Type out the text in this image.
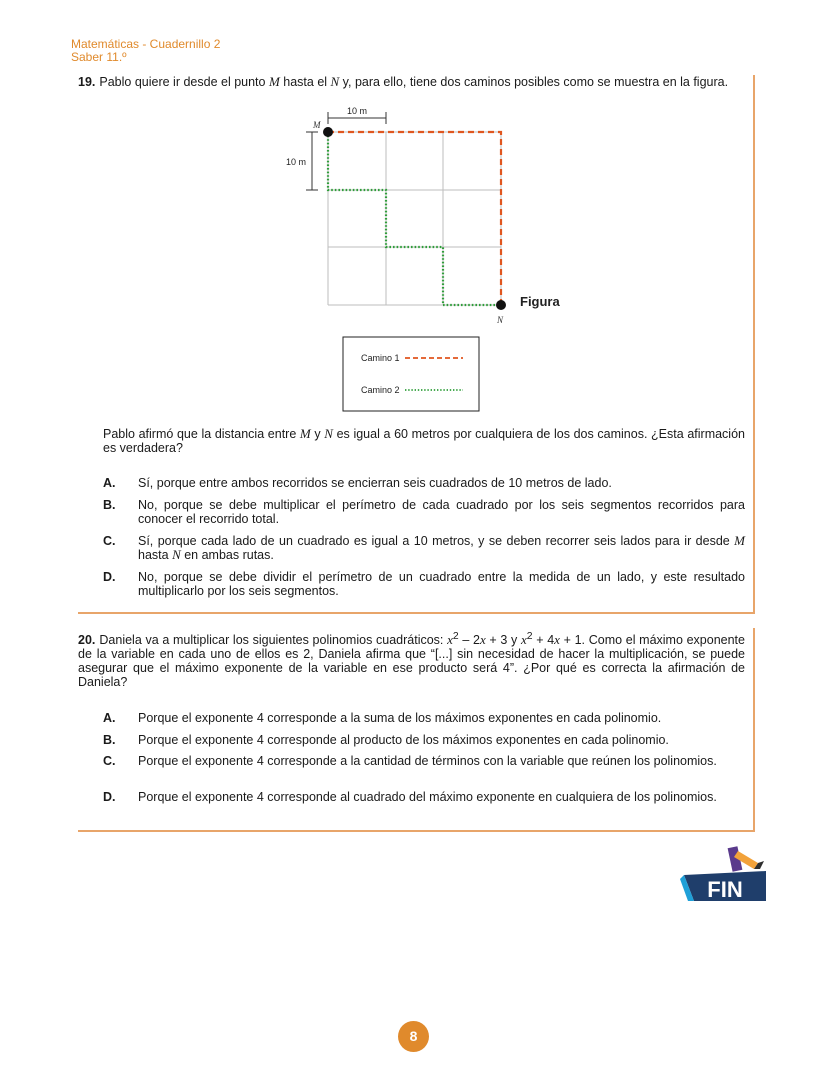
Matemáticas - Cuadernillo 2
Saber 11.º
19. Pablo quiere ir desde el punto M hasta el N y, para ello, tiene dos caminos posibles como se muestra en la figura.
10 m
10 m
M
N
Figura
Camino 1
Camino 2
Pablo afirmó que la distancia entre M y N es igual a 60 metros por cualquiera de los dos caminos. ¿Esta afirmación es verdadera?
A. Sí, porque entre ambos recorridos se encierran seis cuadrados de 10 metros de lado.
B. No, porque se debe multiplicar el perímetro de cada cuadrado por los seis segmentos recorridos para conocer el recorrido total.
C. Sí, porque cada lado de un cuadrado es igual a 10 metros, y se deben recorrer seis lados para ir desde M hasta N en ambas rutas.
D. No, porque se debe dividir el perímetro de un cuadrado entre la medida de un lado, y este resultado multiplicarlo por los seis segmentos.
20. Daniela va a multiplicar los siguientes polinomios cuadráticos: $x^2 - 2x + 3$ y $x^2 + 4x + 1$. Como el máximo exponente de la variable en cada uno de ellos es 2, Daniela afirma que “[...] sin necesidad de hacer la multiplicación, se puede asegurar que el máximo exponente de la variable en ese producto será 4”. ¿Por qué es correcta la afirmación de Daniela?
A. Porque el exponente 4 corresponde a la suma de los máximos exponentes en cada polinomio.
B. Porque el exponente 4 corresponde al producto de los máximos exponentes en cada polinomio.
C. Porque el exponente 4 corresponde a la cantidad de términos con la variable que reúnen los polinomios.
D. Porque el exponente 4 corresponde al cuadrado del máximo exponente en cualquiera de los polinomios.
FIN
8
